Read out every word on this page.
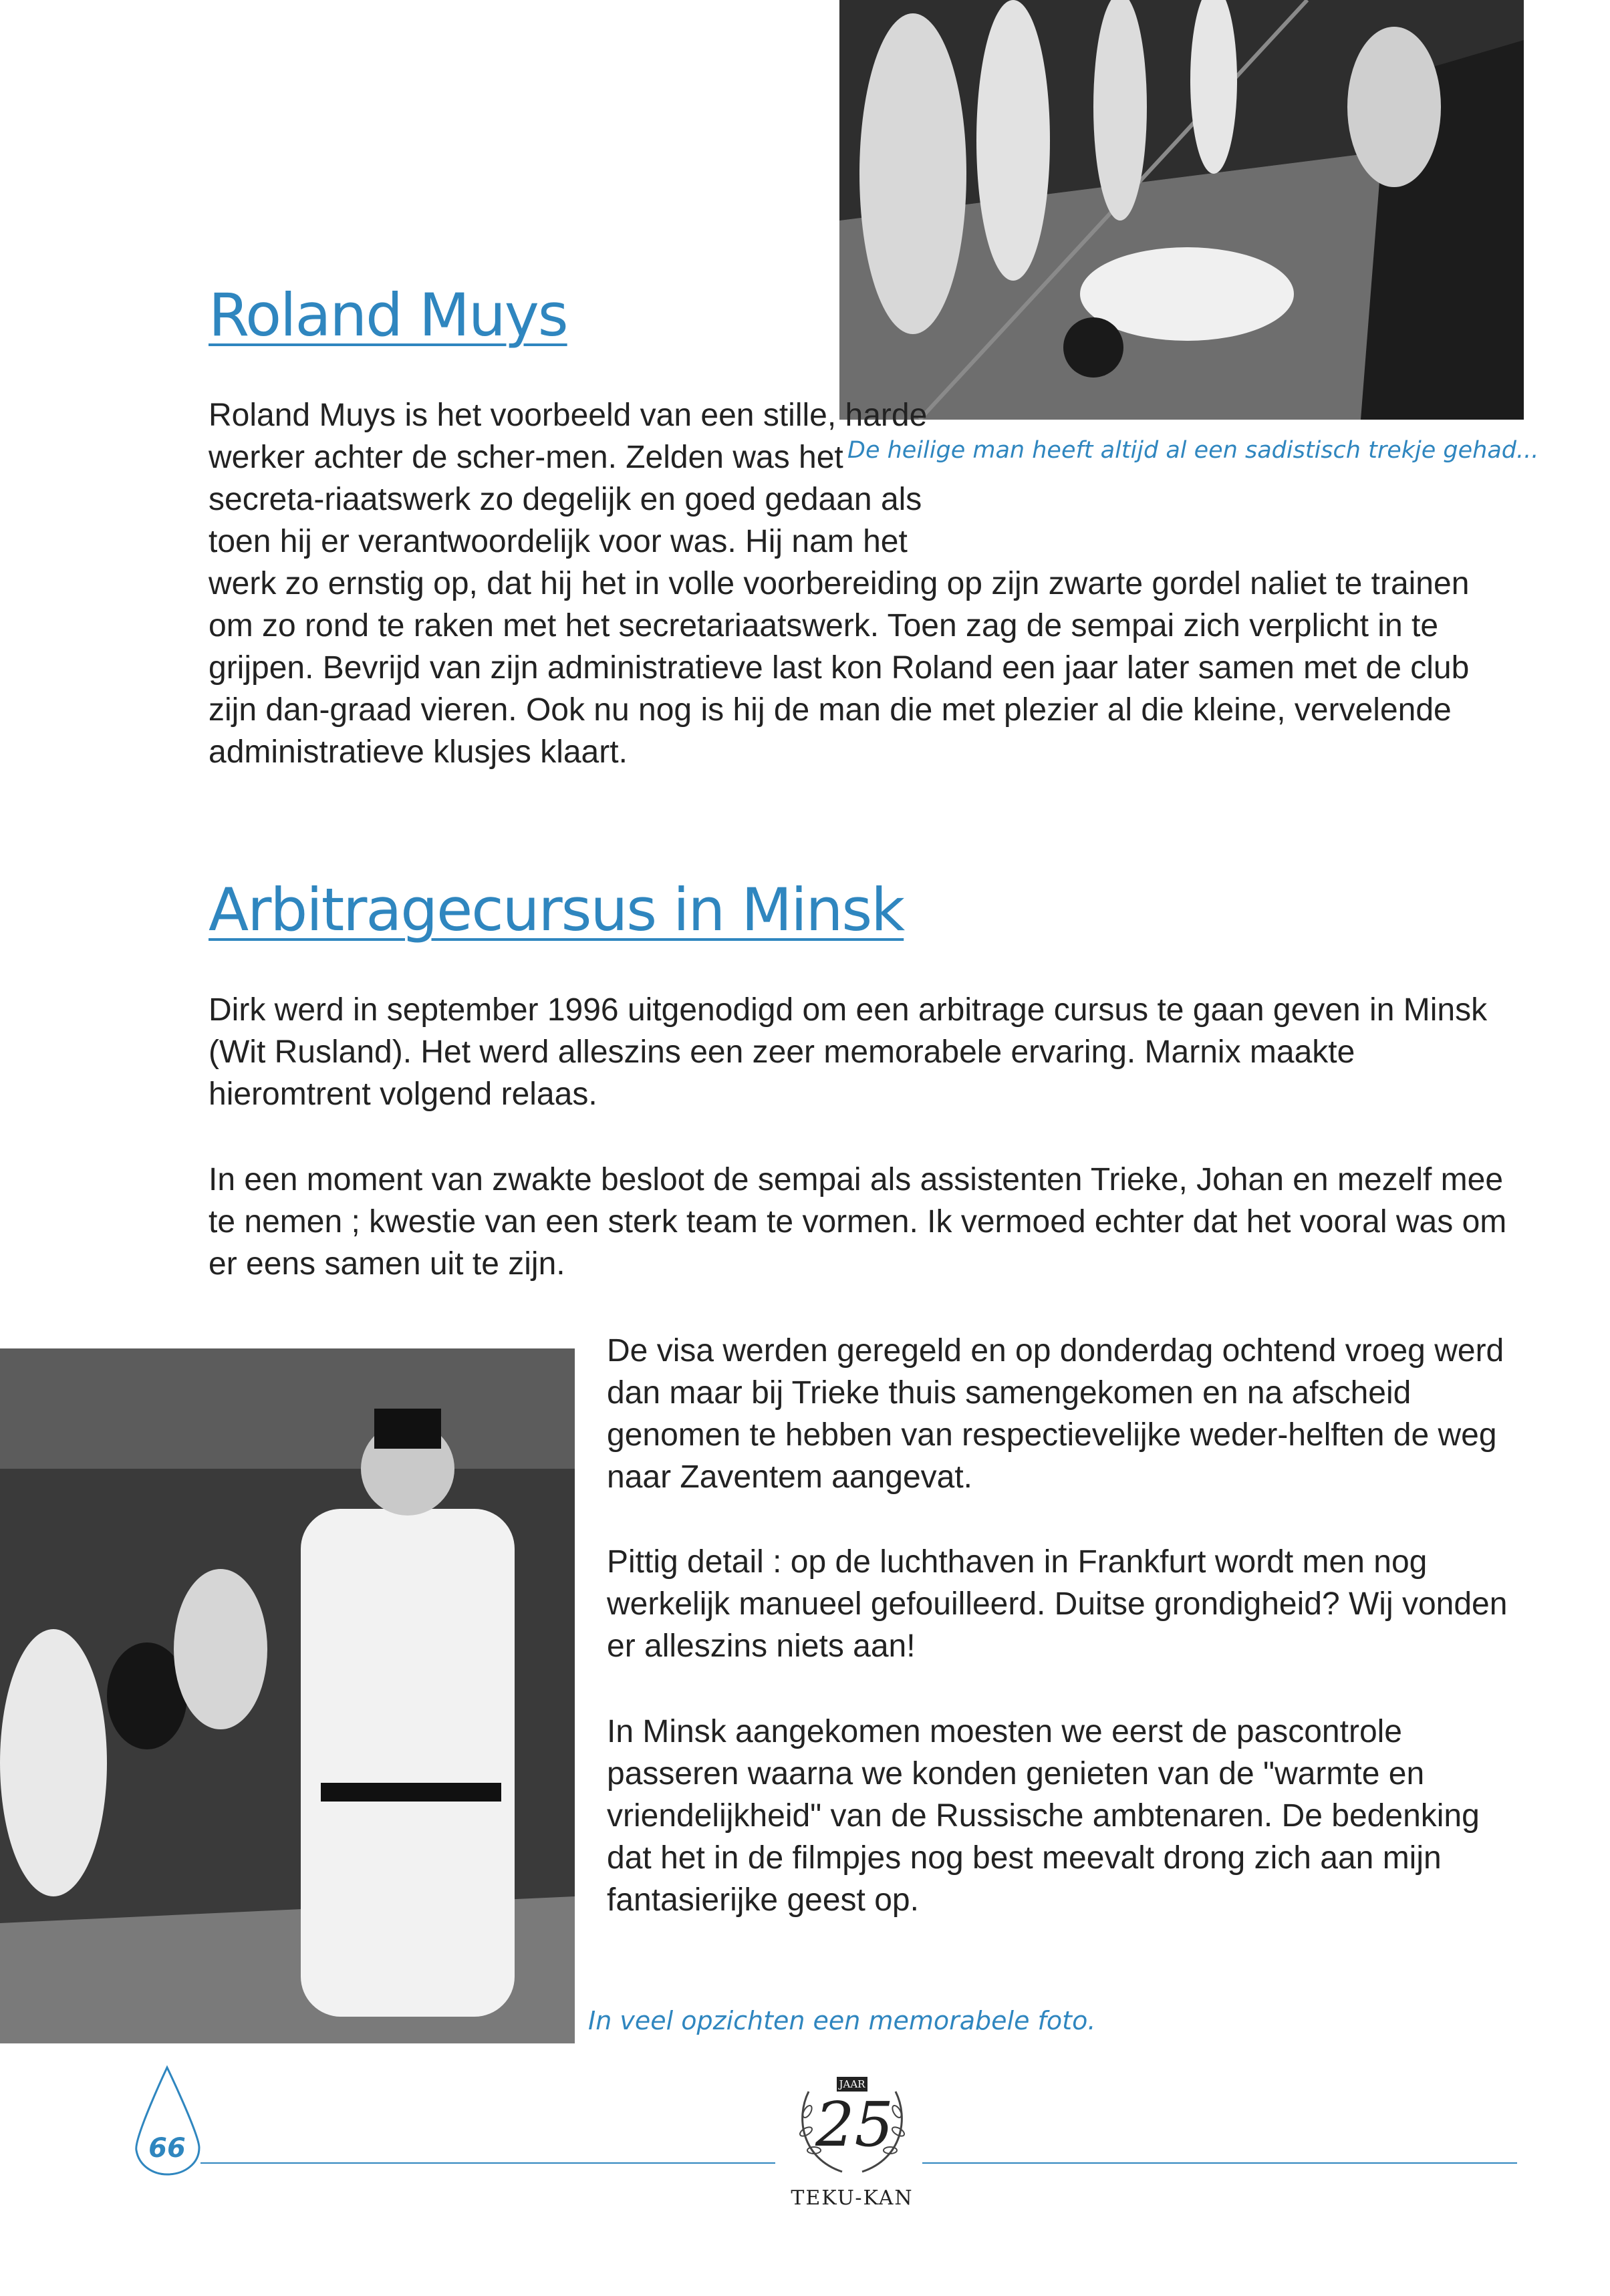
De heilige man heeft altijd al een sadistisch trekje gehad...

Roland Muys

Roland Muys is het voorbeeld van een stille, harde werker achter de scher-men. Zelden was het secreta-riaatswerk zo degelijk en goed gedaan als toen hij er verantwoordelijk voor was. Hij nam het werk zo ernstig op, dat hij het in volle voorbereiding op zijn zwarte gordel naliet te trainen om zo rond te raken met het secretariaatswerk. Toen zag de sempai zich verplicht in te grijpen. Bevrijd van zijn administratieve last kon Roland een jaar later samen met de club zijn dan-graad vieren. Ook nu nog is hij de man die met plezier al die kleine, vervelende administratieve klusjes klaart.

Arbitragecursus in Minsk

Dirk werd in september 1996 uitgenodigd om een arbitrage cursus te gaan geven in Minsk (Wit Rusland). Het werd alleszins een zeer memorabele ervaring. Marnix maakte hieromtrent volgend relaas.

In een moment van zwakte besloot de sempai als assistenten Trieke, Johan en mezelf mee te nemen ; kwestie van een sterk team te vormen. Ik vermoed echter dat het vooral was om er eens samen uit te zijn.

De visa werden geregeld en op donderdag ochtend vroeg werd dan maar bij Trieke thuis samengekomen en na afscheid genomen te hebben van respectievelijke weder-helften de weg naar Zaventem aangevat.

Pittig detail : op de luchthaven in Frankfurt wordt men nog werkelijk manueel gefouilleerd. Duitse grondigheid? Wij vonden er alleszins niets aan!

In Minsk aangekomen moesten we eerst de pascontrole passeren waarna we konden genieten van de "warmte en vriendelijkheid" van de Russische ambtenaren. De bedenking dat het in de filmpjes nog best meevalt drong zich aan mijn fantasierijke geest op.

In veel opzichten een memorabele foto.

66
JAAR
25
TEKU-KAN
